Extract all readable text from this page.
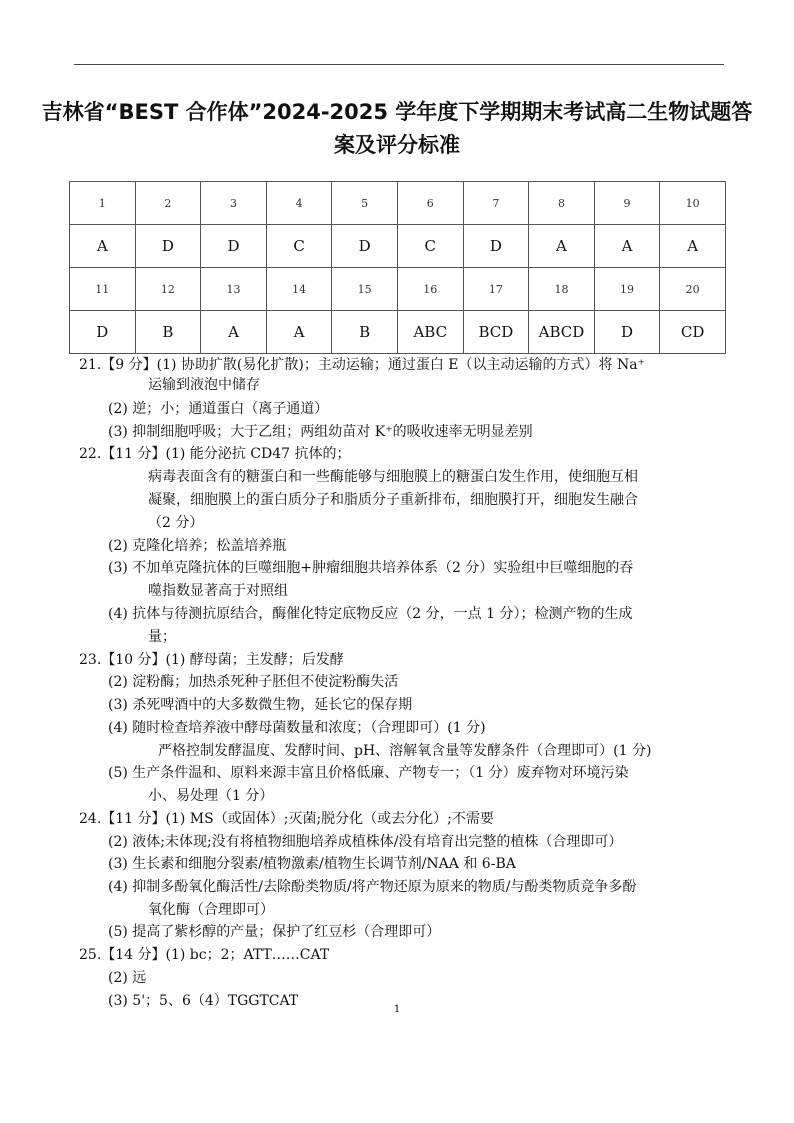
吉林省“BEST 合作体”2024-2025 学年度下学期期末考试高二生物试题答
案及评分标准
1	2	3	4	5	6	7	8	9	10
A	D	D	C	D	C	D	A	A	A
11	12	13	14	15	16	17	18	19	20
D	B	A	A	B	ABC	BCD	ABCD	D	CD
21.【9 分】(1) 协助扩散(易化扩散)；主动运输；通过蛋白 E（以主动运输的方式）将 Na⁺
运输到液泡中储存
(2) 逆；小；通道蛋白（离子通道）
(3) 抑制细胞呼吸；大于乙组；两组幼苗对 K⁺的吸收速率无明显差别
22.【11 分】(1) 能分泌抗 CD47 抗体的；
病毒表面含有的糖蛋白和一些酶能够与细胞膜上的糖蛋白发生作用，使细胞互相
凝聚，细胞膜上的蛋白质分子和脂质分子重新排布，细胞膜打开，细胞发生融合
（2 分）
(2) 克隆化培养；松盖培养瓶
(3) 不加单克隆抗体的巨噬细胞+肿瘤细胞共培养体系（2 分）实验组中巨噬细胞的吞
噬指数显著高于对照组
(4) 抗体与待测抗原结合，酶催化特定底物反应（2 分，一点 1 分）；检测产物的生成
量；
23.【10 分】(1) 酵母菌；主发酵；后发酵
(2) 淀粉酶；加热杀死种子胚但不使淀粉酶失活
(3) 杀死啤酒中的大多数微生物，延长它的保存期
(4) 随时检查培养液中酵母菌数量和浓度；（合理即可）(1 分)
严格控制发酵温度、发酵时间、pH、溶解氧含量等发酵条件（合理即可）(1 分)
(5) 生产条件温和、原料来源丰富且价格低廉、产物专一；（1 分）废弃物对环境污染
小、易处理（1 分）
24.【11 分】(1) MS（或固体）;灭菌;脱分化（或去分化）;不需要
(2) 液体;未体现;没有将植物细胞培养成植株体/没有培育出完整的植株（合理即可）
(3) 生长素和细胞分裂素/植物激素/植物生长调节剂/NAA 和 6-BA
(4) 抑制多酚氧化酶活性/去除酚类物质/将产物还原为原来的物质/与酚类物质竞争多酚
氧化酶（合理即可）
(5) 提高了紫杉醇的产量；保护了红豆杉（合理即可）
25.【14 分】(1) bc；2；ATT……CAT
(2) 远
(3) 5'；5、6（4）TGGTCAT
1
